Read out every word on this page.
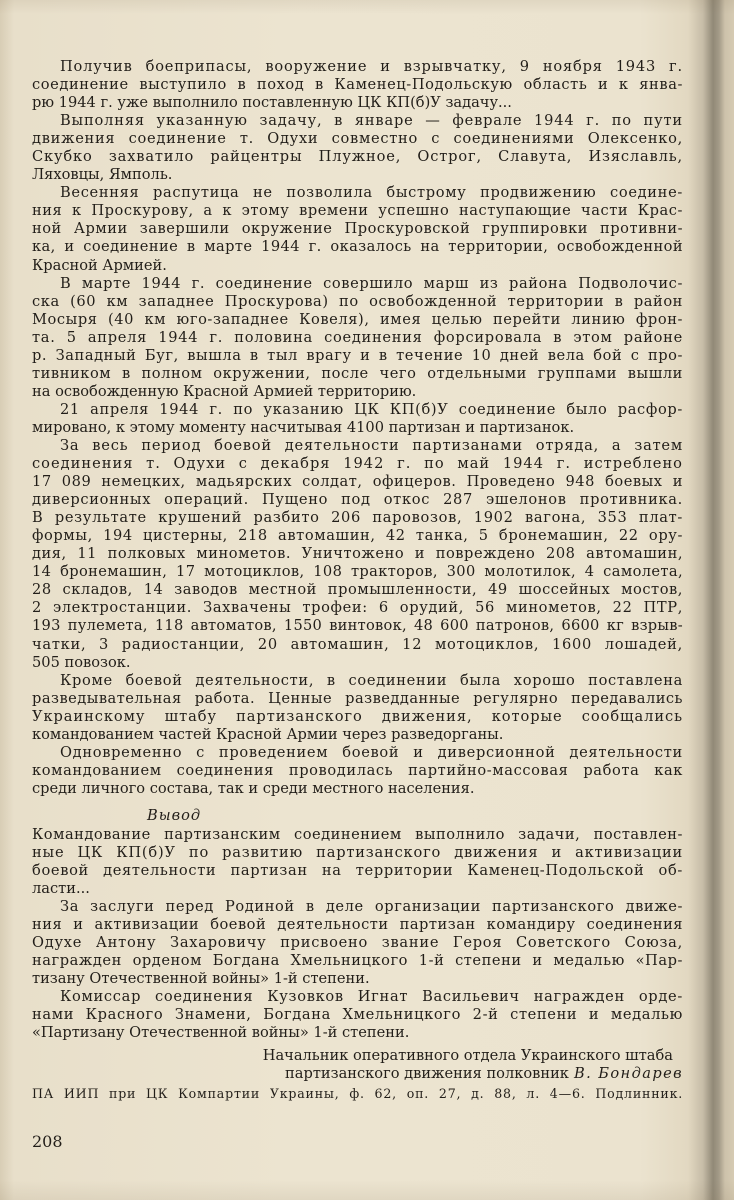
Получив боеприпасы, вооружение и взрывчатку, 9 ноября 1943 г.
соединение выступило в поход в Каменец-Подольскую область и к янва-
рю 1944 г. уже выполнило поставленную ЦК КП(б)У задачу...
Выполняя указанную задачу, в январе — феврале 1944 г. по пути
движения соединение т. Одухи совместно с соединениями Олексенко,
Скубко захватило райцентры Плужное, Острог, Славута, Изяславль,
Ляховцы, Ямполь.
Весенняя распутица не позволила быстрому продвижению соедине-
ния к Проскурову, а к этому времени успешно наступающие части Крас-
ной Армии завершили окружение Проскуровской группировки противни-
ка, и соединение в марте 1944 г. оказалось на территории, освобожденной
Красной Армией.
В марте 1944 г. соединение совершило марш из района Подволочис-
ска (60 км западнее Проскурова) по освобожденной территории в район
Мосыря (40 км юго-западнее Ковеля), имея целью перейти линию фрон-
та. 5 апреля 1944 г. половина соединения форсировала в этом районе
р. Западный Буг, вышла в тыл врагу и в течение 10 дней вела бой с про-
тивником в полном окружении, после чего отдельными группами вышли
на освобожденную Красной Армией территорию.
21 апреля 1944 г. по указанию ЦК КП(б)У соединение было расфор-
мировано, к этому моменту насчитывая 4100 партизан и партизанок.
За весь период боевой деятельности партизанами отряда, а затем
соединения т. Одухи с декабря 1942 г. по май 1944 г. истреблено
17 089 немецких, мадьярских солдат, офицеров. Проведено 948 боевых и
диверсионных операций. Пущено под откос 287 эшелонов противника.
В результате крушений разбито 206 паровозов, 1902 вагона, 353 плат-
формы, 194 цистерны, 218 автомашин, 42 танка, 5 бронемашин, 22 ору-
дия, 11 полковых минометов. Уничтожено и повреждено 208 автомашин,
14 бронемашин, 17 мотоциклов, 108 тракторов, 300 молотилок, 4 самолета,
28 складов, 14 заводов местной промышленности, 49 шоссейных мостов,
2 электростанции. Захвачены трофеи: 6 орудий, 56 минометов, 22 ПТР,
193 пулемета, 118 автоматов, 1550 винтовок, 48 600 патронов, 6600 кг взрыв-
чатки, 3 радиостанции, 20 автомашин, 12 мотоциклов, 1600 лошадей,
505 повозок.
Кроме боевой деятельности, в соединении была хорошо поставлена
разведывательная работа. Ценные разведданные регулярно передавались
Украинскому штабу партизанского движения, которые сообщались
командованием частей Красной Армии через разведорганы.
Одновременно с проведением боевой и диверсионной деятельности
командованием соединения проводилась партийно-массовая работа как
среди личного состава, так и среди местного населения.
Вывод
Командование партизанским соединением выполнило задачи, поставлен-
ные ЦК КП(б)У по развитию партизанского движения и активизации
боевой деятельности партизан на территории Каменец-Подольской об-
ласти...
За заслуги перед Родиной в деле организации партизанского движе-
ния и активизации боевой деятельности партизан командиру соединения
Одухе Антону Захаровичу присвоено звание Героя Советского Союза,
награжден орденом Богдана Хмельницкого 1-й степени и медалью «Пар-
тизану Отечественной войны» 1-й степени.
Комиссар соединения Кузовков Игнат Васильевич награжден орде-
нами Красного Знамени, Богдана Хмельницкого 2-й степени и медалью
«Партизану Отечественной войны» 1-й степени.
Начальник оперативного отдела Украинского штаба
партизанского движения полковник В. Бондарев
ПА ИИП при ЦК Компартии Украины, ф. 62, оп. 27, д. 88, л. 4—6. Подлинник.
208
